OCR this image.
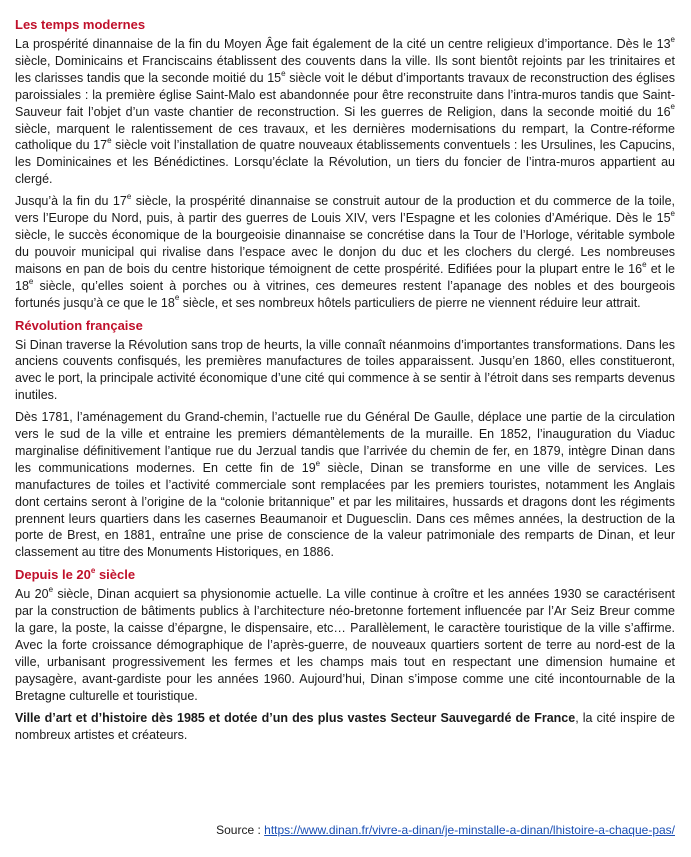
Les temps modernes

La prospérité dinannaise de la fin du Moyen Âge fait également de la cité un centre religieux d’importance. Dès le 13e siècle, Dominicains et Franciscains établissent des couvents dans la ville. Ils sont bientôt rejoints par les trinitaires et les clarisses tandis que la seconde moitié du 15e siècle voit le début d’importants travaux de reconstruction des églises paroissiales : la première église Saint-Malo est abandonnée pour être reconstruite dans l’intra-muros tandis que Saint-Sauveur fait l’objet d’un vaste chantier de reconstruction. Si les guerres de Religion, dans la seconde moitié du 16e siècle, marquent le ralentissement de ces travaux, et les dernières modernisations du rempart, la Contre-réforme catholique du 17e siècle voit l’installation de quatre nouveaux établissements conventuels : les Ursulines, les Capucins, les Dominicaines et les Bénédictines. Lorsqu’éclate la Révolution, un tiers du foncier de l’intra-muros appartient au clergé.

Jusqu’à la fin du 17e siècle, la prospérité dinannaise se construit autour de la production et du commerce de la toile, vers l’Europe du Nord, puis, à partir des guerres de Louis XIV, vers l’Espagne et les colonies d’Amérique. Dès le 15e siècle, le succès économique de la bourgeoisie dinannaise se concrétise dans la Tour de l’Horloge, véritable symbole du pouvoir municipal qui rivalise dans l’espace avec le donjon du duc et les clochers du clergé. Les nombreuses maisons en pan de bois du centre historique témoignent de cette prospérité. Edifiées pour la plupart entre le 16e et le 18e siècle, qu’elles soient à porches ou à vitrines, ces demeures restent l’apanage des nobles et des bourgeois fortunés jusqu’à ce que le 18e siècle, et ses nombreux hôtels particuliers de pierre ne viennent réduire leur attrait.

Révolution française

Si Dinan traverse la Révolution sans trop de heurts, la ville connaît néanmoins d’importantes transformations. Dans les anciens couvents confisqués, les premières manufactures de toiles apparaissent. Jusqu’en 1860, elles constitueront, avec le port, la principale activité économique d’une cité qui commence à se sentir à l’étroit dans ses remparts devenus inutiles.

Dès 1781, l’aménagement du Grand-chemin, l’actuelle rue du Général De Gaulle, déplace une partie de la circulation vers le sud de la ville et entraine les premiers démantèlements de la muraille. En 1852, l’inauguration du Viaduc marginalise définitivement l’antique rue du Jerzual tandis que l’arrivée du chemin de fer, en 1879, intègre Dinan dans les communications modernes. En cette fin de 19e siècle, Dinan se transforme en une ville de services. Les manufactures de toiles et l’activité commerciale sont remplacées par les premiers touristes, notamment les Anglais dont certains seront à l’origine de la “colonie britannique” et par les militaires, hussards et dragons dont les régiments prennent leurs quartiers dans les casernes Beaumanoir et Duguesclin. Dans ces mêmes années, la destruction de la porte de Brest, en 1881, entraîne une prise de conscience de la valeur patrimoniale des remparts de Dinan, et leur classement au titre des Monuments Historiques, en 1886.

Depuis le 20e siècle

Au 20e siècle, Dinan acquiert sa physionomie actuelle. La ville continue à croître et les années 1930 se caractérisent par la construction de bâtiments publics à l’architecture néo-bretonne fortement influencée par l’Ar Seiz Breur comme la gare, la poste, la caisse d’épargne, le dispensaire, etc… Parallèlement, le caractère touristique de la ville s’affirme. Avec la forte croissance démographique de l’après-guerre, de nouveaux quartiers sortent de terre au nord-est de la ville, urbanisant progressivement les fermes et les champs mais tout en respectant une dimension humaine et paysagère, avant-gardiste pour les années 1960. Aujourd’hui, Dinan s’impose comme une cité incontournable de la Bretagne culturelle et touristique.

Ville d’art et d’histoire dès 1985 et dotée d’un des plus vastes Secteur Sauvegardé de France, la cité inspire de nombreux artistes et créateurs.

Source : https://www.dinan.fr/vivre-a-dinan/je-minstalle-a-dinan/lhistoire-a-chaque-pas/
